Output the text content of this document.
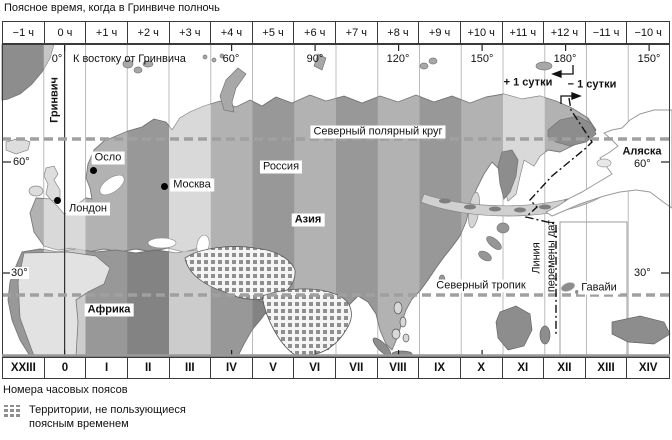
Поясное время, когда в Гринвиче полночь
−1 ч	0 ч	+1 ч	+2 ч	+3 ч	+4 ч	+5 ч	+6 ч	+7 ч	+8 ч	+9 ч	+10 ч	+11 ч	+12 ч	−11 ч	−10 ч
0° К востоку от Гринвича	60°	90°	120°	150°	180°	150°
60°
30°
60°
30°
Гринвич
Осло
Москва
Лондон
Россия
Азия
Африка
Аляска
Гавайи
Северный полярный круг
Северный тропик
Линия перемены дат
+ 1 сутки − 1 сутки
XXIII	0	I	II	III	IV	V	VI	VII	VIII	IX	X	XI	XII	XIII	XIV
Номера часовых поясов
Территории, не пользующиеся
поясным временем
